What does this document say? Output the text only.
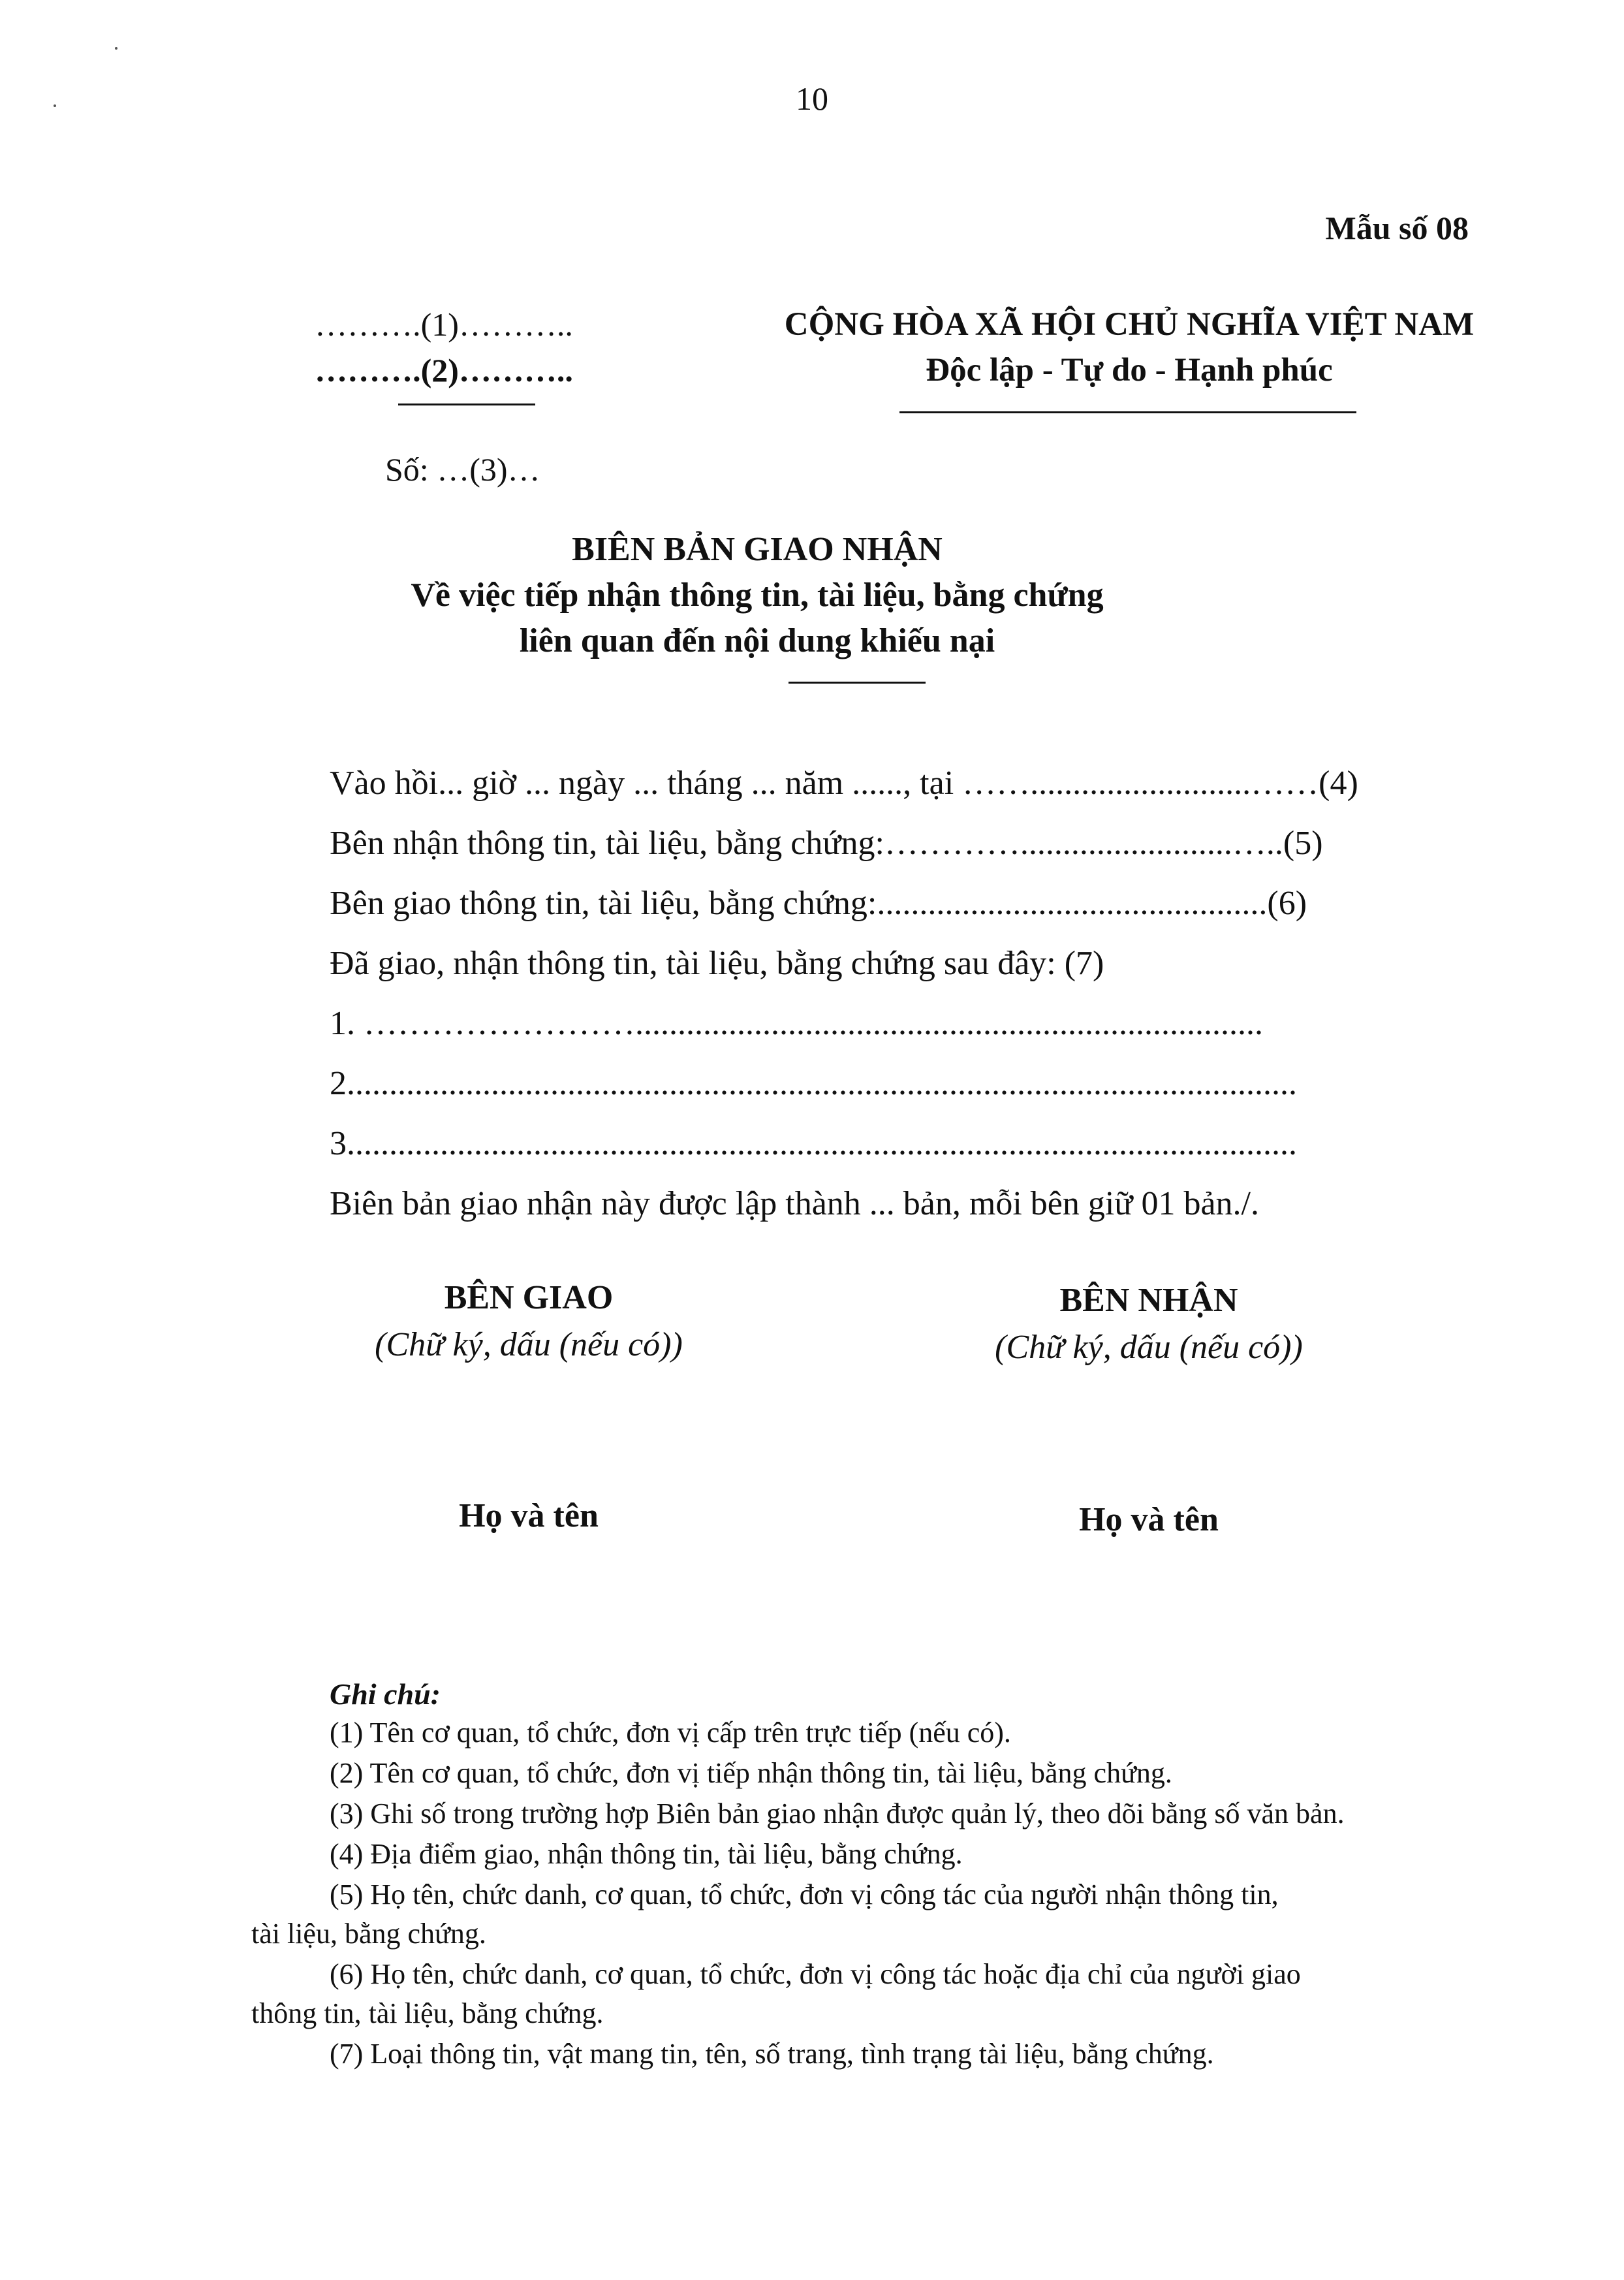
10
Mẫu số 08
……….(1)………..
……….(2)………..
CỘNG HÒA XÃ HỘI CHỦ NGHĨA VIỆT NAM
Độc lập - Tự do - Hạnh phúc
Số: …(3)…
BIÊN BẢN GIAO NHẬN
Về việc tiếp nhận thông tin, tài liệu, bằng chứng
liên quan đến nội dung khiếu nại
Vào hồi... giờ ... ngày ... tháng ... năm ......, tại ……..........................……(4)
Bên nhận thông tin, tài liệu, bằng chứng:………….........................…..(5)
Bên giao thông tin, tài liệu, bằng chứng:..............................................(6)
Đã giao, nhận thông tin, tài liệu, bằng chứng sau đây: (7)
1. ……………………..........................................................................
2................................................................................................................
3................................................................................................................
Biên bản giao nhận này được lập thành ... bản, mỗi bên giữ 01 bản./.
BÊN GIAO
(Chữ ký, dấu (nếu có))
BÊN NHẬN
(Chữ ký, dấu (nếu có))
Họ và tên	Họ và tên
Ghi chú:
(1) Tên cơ quan, tổ chức, đơn vị cấp trên trực tiếp (nếu có).
(2) Tên cơ quan, tổ chức, đơn vị tiếp nhận thông tin, tài liệu, bằng chứng.
(3) Ghi số trong trường hợp Biên bản giao nhận được quản lý, theo dõi bằng số văn bản.
(4) Địa điểm giao, nhận thông tin, tài liệu, bằng chứng.
(5) Họ tên, chức danh, cơ quan, tổ chức, đơn vị công tác của người nhận thông tin,
tài liệu, bằng chứng.
(6) Họ tên, chức danh, cơ quan, tổ chức, đơn vị công tác hoặc địa chỉ của người giao
thông tin, tài liệu, bằng chứng.
(7) Loại thông tin, vật mang tin, tên, số trang, tình trạng tài liệu, bằng chứng.
